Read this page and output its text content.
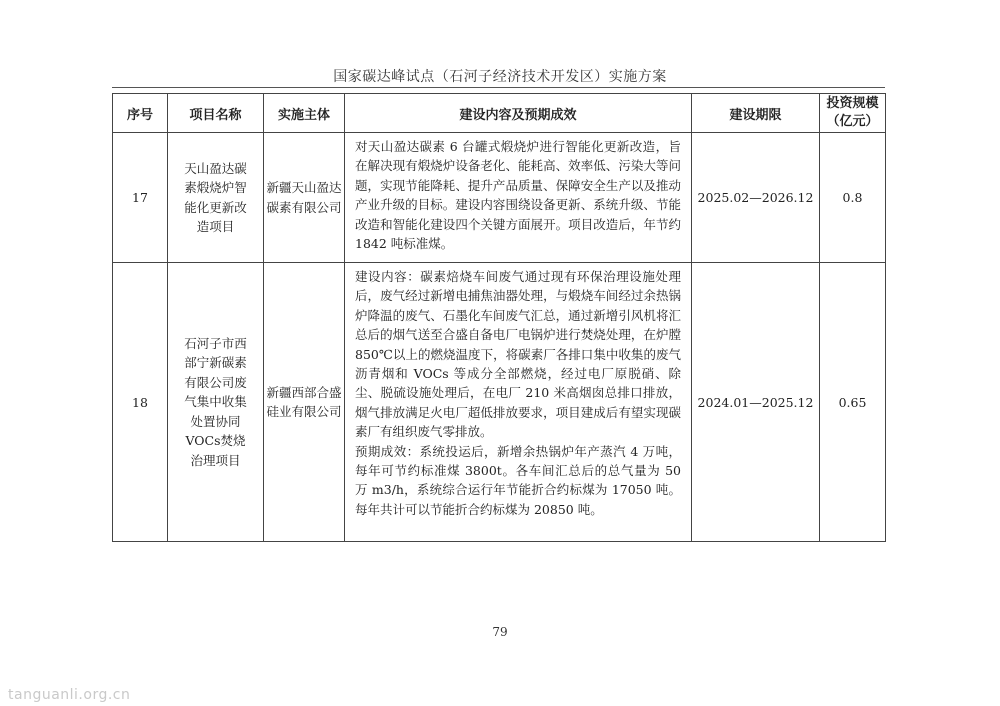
国家碳达峰试点（石河子经济技术开发区）实施方案
序号	项目名称	实施主体	建设内容及预期成效	建设期限	投资规模（亿元）
17	天山盈达碳素煅烧炉智能化更新改造项目	新疆天山盈达碳素有限公司	对天山盈达碳素 6 台罐式煅烧炉进行智能化更新改造，旨在解决现有煅烧炉设备老化、能耗高、效率低、污染大等问题，实现节能降耗、提升产品质量、保障安全生产以及推动产业升级的目标。建设内容围绕设备更新、系统升级、节能改造和智能化建设四个关键方面展开。项目改造后，年节约 1842 吨标准煤。	2025.02—2026.12	0.8
18	石河子市西部宁新碳素有限公司废气集中收集处置协同VOCs焚烧治理项目	新疆西部合盛硅业有限公司	建设内容：碳素焙烧车间废气通过现有环保治理设施处理后，废气经过新增电捕焦油器处理，与煅烧车间经过余热锅炉降温的废气、石墨化车间废气汇总，通过新增引风机将汇总后的烟气送至合盛自备电厂电锅炉进行焚烧处理，在炉膛 850℃以上的燃烧温度下，将碳素厂各排口集中收集的废气沥青烟和 VOCs 等成分全部燃烧，经过电厂原脱硝、除尘、脱硫设施处理后，在电厂 210 米高烟囱总排口排放，烟气排放满足火电厂超低排放要求，项目建成后有望实现碳素厂有组织废气零排放。

预期成效：系统投运后，新增余热锅炉年产蒸汽 4 万吨，每年可节约标准煤 3800t。各车间汇总后的总气量为 50 万 m3/h，系统综合运行年节能折合约标煤为 17050 吨。每年共计可以节能折合约标煤为 20850 吨。	2024.01—2025.12	0.65
79
tanguanli.org.cn
